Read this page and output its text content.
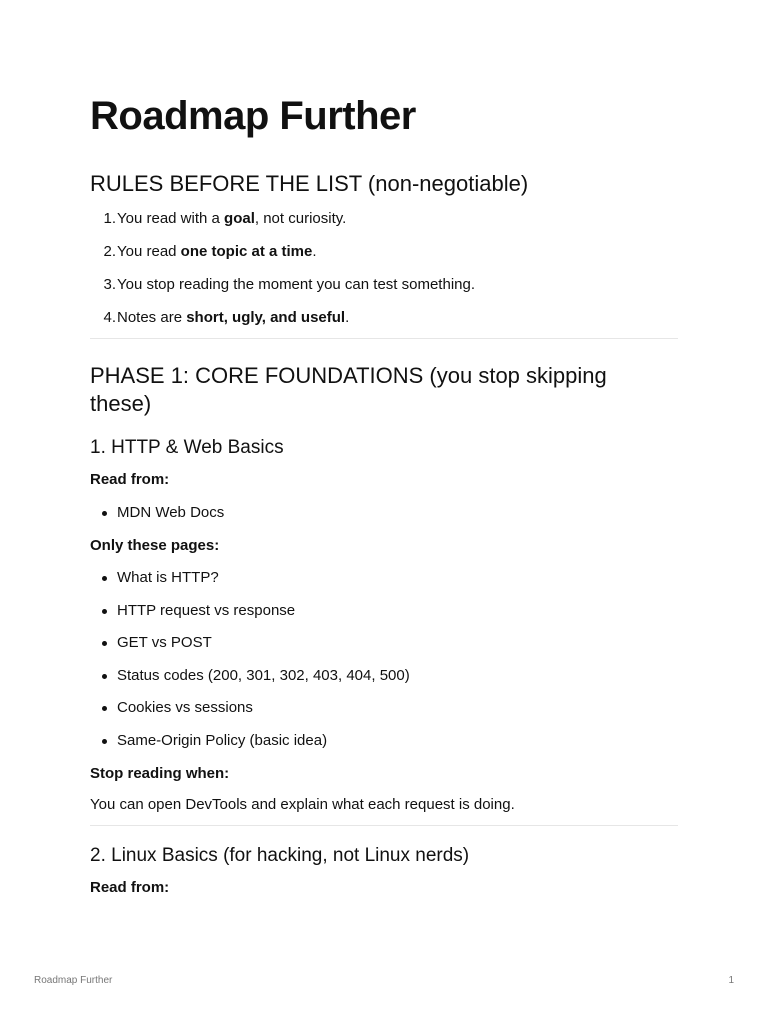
Roadmap Further
RULES BEFORE THE LIST (non-negotiable)
1. You read with a goal, not curiosity.
2. You read one topic at a time.
3. You stop reading the moment you can test something.
4. Notes are short, ugly, and useful.
PHASE 1: CORE FOUNDATIONS (you stop skipping these)
1. HTTP & Web Basics
Read from:
MDN Web Docs
Only these pages:
What is HTTP?
HTTP request vs response
GET vs POST
Status codes (200, 301, 302, 403, 404, 500)
Cookies vs sessions
Same-Origin Policy (basic idea)
Stop reading when:
You can open DevTools and explain what each request is doing.
2. Linux Basics (for hacking, not Linux nerds)
Read from:
Roadmap Further	1
